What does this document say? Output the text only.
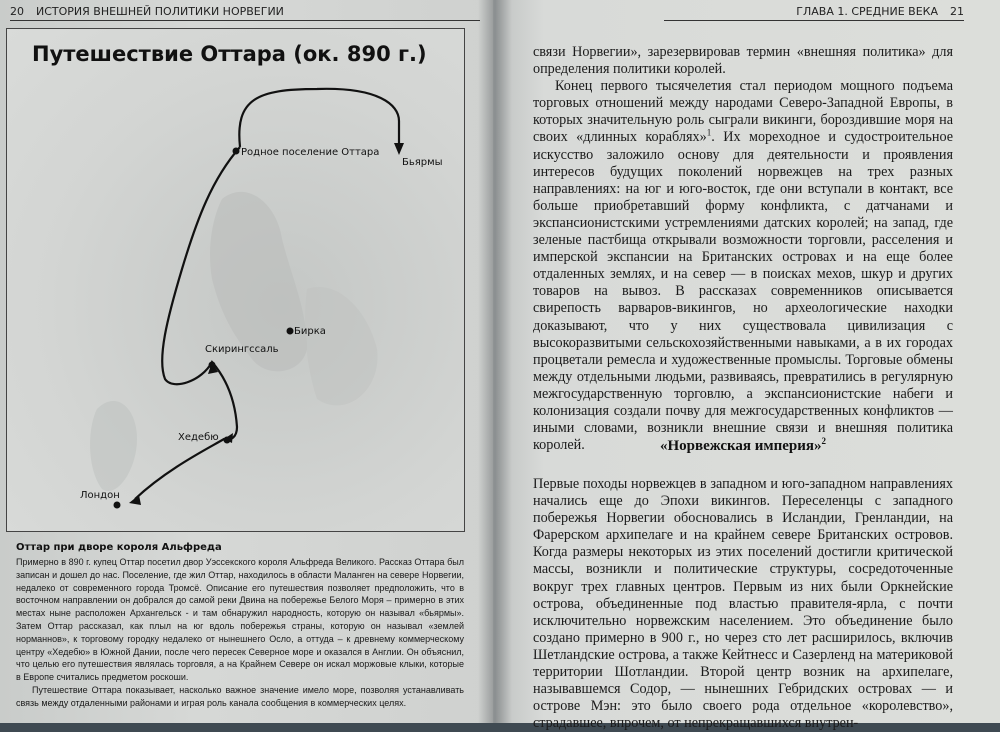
20 ИСТОРИЯ ВНЕШНЕЙ ПОЛИТИКИ НОРВЕГИИ
Путешествие Оттара (ок. 890 г.)
Родное поселение Оттара
Бьярмы
Бирка
Скирингссаль
Хедебю
Лондон
Оттар при дворе короля Альфреда

Примерно в 890 г. купец Оттар посетил двор Уэссекского короля Альфреда Великого. Рассказ Оттара был записан и дошел до нас. Поселение, где жил Оттар, находилось в области Маланген на севере Норвегии, недалеко от современного города Тромсё. Описание его путешествия позволяет предположить, что в восточном направлении он добрался до самой реки Двина на побережье Белого Моря – примерно в этих местах ныне расположен Архангельск - и там обнаружил народность, которую он называл «бьярмы». Затем Оттар рассказал, как плыл на юг вдоль побережья страны, которую он называл «землей норманнов», к торговому городку недалеко от нынешнего Осло, а оттуда – к древнему коммерческому центру «Хедебю» в Южной Дании, после чего пересек Северное море и оказался в Англии. Он объяснил, что целью его путешествия являлась торговля, а на Крайнем Севере он искал моржовые клыки, которые в Европе считались предметом роскоши.

Путешествие Оттара показывает, насколько важное значение имело море, позволяя устанавливать связь между отдаленными районами и играя роль канала сообщения в коммерческих целях.

ГЛАВА 1. СРЕДНИЕ ВЕКА 21

связи Норвегии», зарезервировав термин «внешняя политика» для определения политики королей.

Конец первого тысячелетия стал периодом мощного подъема торговых отношений между народами Северо-Западной Европы, в которых значительную роль сыграли викинги, бороздившие моря на своих «длинных кораблях»$^1$. Их мореходное и судостроительное искусство заложило основу для деятельности и проявления интересов будущих поколений норвежцев на трех разных направлениях: на юг и юго-восток, где они вступали в контакт, все больше приобретавший форму конфликта, с датчанами и экспансионистскими устремлениями датских королей; на запад, где зеленые пастбища открывали возможности торговли, расселения и имперской экспансии на Британских островах и на еще более отдаленных землях, и на север — в поисках мехов, шкур и других товаров на вывоз. В рассказах современников описывается свирепость варваров-викингов, но археологические находки доказывают, что у них существовала цивилизация с высокоразвитыми сельскохозяйственными навыками, а в их городах процветали ремесла и художественные промыслы. Торговые обмены между отдельными людьми, развиваясь, превратились в регулярную межгосударственную торговлю, а экспансионистские набеги и колонизация создали почву для межгосударственных конфликтов — иными словами, возникли внешние связи и внешняя политика королей.	«Норвежская империя»$^2$

Первые походы норвежцев в западном и юго-западном направлениях начались еще до Эпохи викингов. Переселенцы с западного побережья Норвегии обосновались в Исландии, Гренландии, на Фарерском архипелаге и на крайнем севере Британских островов. Когда размеры некоторых из этих поселений достигли критической массы, возникли и политические структуры, сосредоточенные вокруг трех главных центров. Первым из них были Оркнейские острова, объединенные под властью правителя-ярла, с почти исключительно норвежским населением. Это объединение было создано примерно в 900 г., но через сто лет расширилось, включив Шетландские острова, а также Кейтнесс и Сазерленд на материковой территории Шотландии. Второй центр возник на архипелаге, называвшемся Содор, — нынешних Гебридских островах — и острове Мэн: это было своего рода отдельное «королевство», страдавшее, впрочем, от непрекращавшихся внутрен-
